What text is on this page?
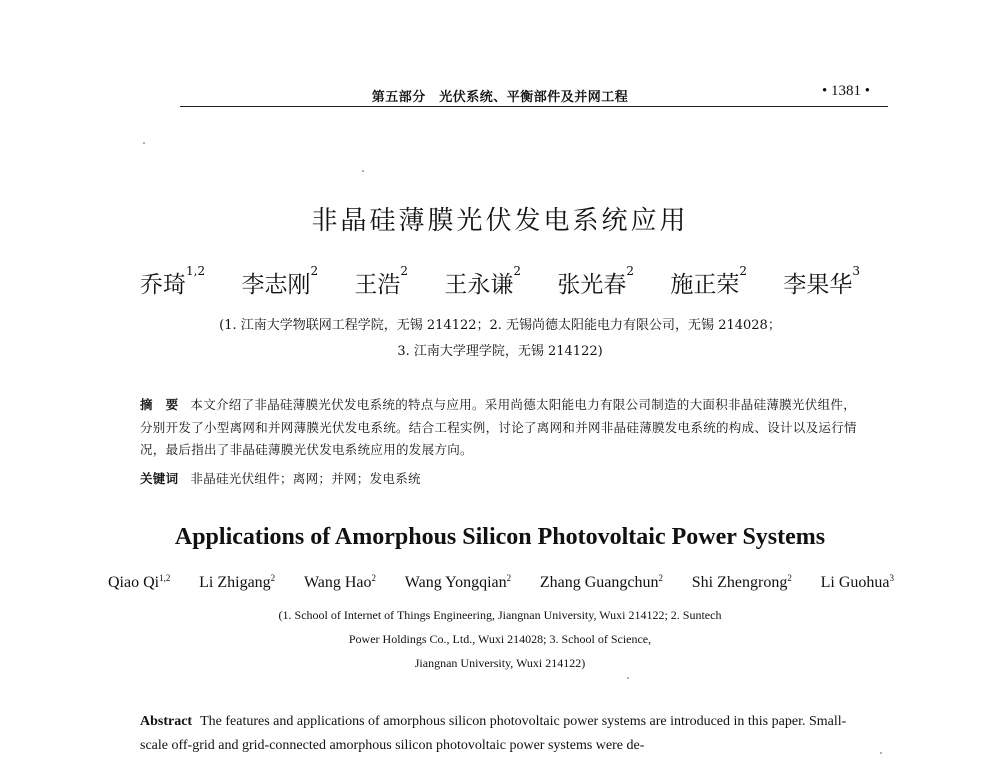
第五部分　光伏系统、平衡部件及并网工程	• 1381 •
非晶硅薄膜光伏发电系统应用
乔琦$^{1,2}$
李志刚$^2$
王浩$^2$
王永谦$^2$
张光春$^2$
施正荣$^2$
李果华$^3$
(1. 江南大学物联网工程学院，无锡 214122；2. 无锡尚德太阳能电力有限公司，无锡 214028；
3. 江南大学理学院，无锡 214122)
摘　要 本文介绍了非晶硅薄膜光伏发电系统的特点与应用。采用尚德太阳能电力有限公司制造的大面积非晶硅薄膜光伏组件，分别开发了小型离网和并网薄膜光伏发电系统。结合工程实例，讨论了离网和并网非晶硅薄膜发电系统的构成、设计以及运行情况，最后指出了非晶硅薄膜光伏发电系统应用的发展方向。
关键词 非晶硅光伏组件；离网；并网；发电系统
Applications of Amorphous Silicon Photovoltaic Power Systems
Qiao Qi$^{1,2}$ Li Zhigang$^2$ Wang Hao$^2$ Wang Yongqian$^2$ Zhang Guangchun$^2$ Shi Zhengrong$^2$ Li Guohua$^3$
(1. School of Internet of Things Engineering, Jiangnan University, Wuxi 214122; 2. Suntech
Power Holdings Co., Ltd., Wuxi 214028; 3. School of Science,
Jiangnan University, Wuxi 214122)
Abstract The features and applications of amorphous silicon photovoltaic power systems are introduced in this paper. Small-scale off-grid and grid-connected amorphous silicon photovoltaic power systems were de-
